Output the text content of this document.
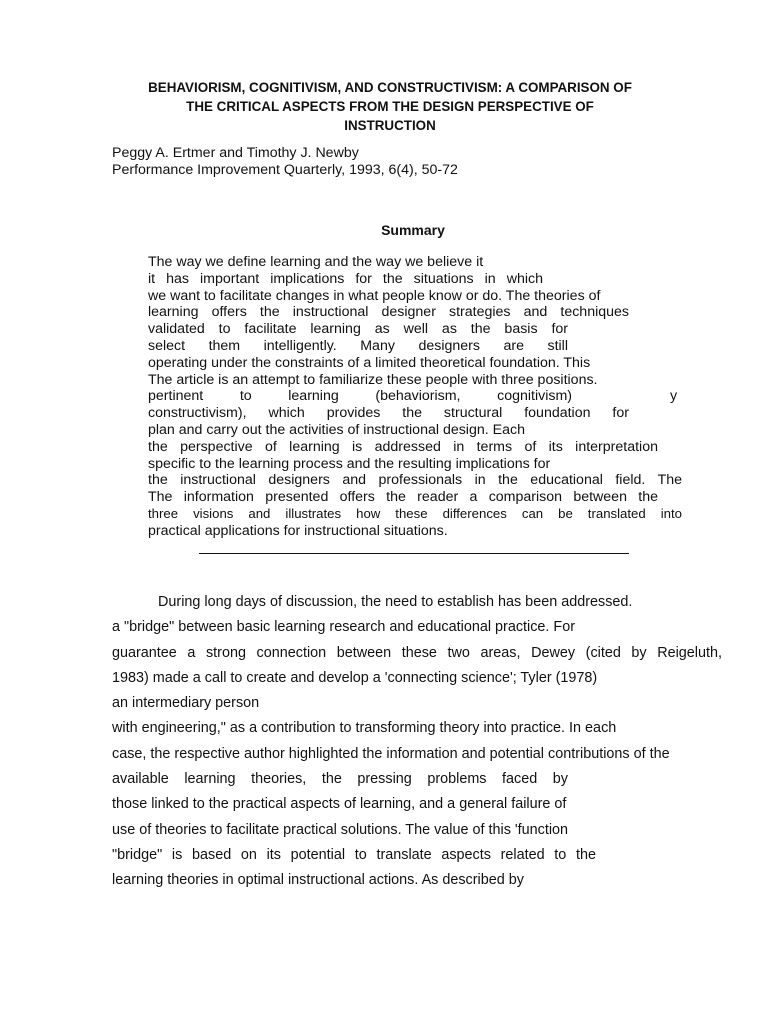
BEHAVIORISM, COGNITIVISM, AND CONSTRUCTIVISM: A COMPARISON OF
THE CRITICAL ASPECTS FROM THE DESIGN PERSPECTIVE OF
INSTRUCTION
Peggy A. Ertmer and Timothy J. Newby
Performance Improvement Quarterly, 1993, 6(4), 50-72
Summary
The way we define learning and the way we believe it
it has important implications for the situations in which
we want to facilitate changes in what people know or do. The theories of
learning offers the instructional designer strategies and techniques
validated to facilitate learning as well as the basis for
select them intelligently. Many designers are still
operating under the constraints of a limited theoretical foundation. This
The article is an attempt to familiarize these people with three positions.
pertinent to learning (behaviorism, cognitivism)	y
constructivism), which provides the structural foundation for
plan and carry out the activities of instructional design. Each
the perspective of learning is addressed in terms of its interpretation
specific to the learning process and the resulting implications for
the instructional designers and professionals in the educational field. The
The information presented offers the reader a comparison between the
three visions and illustrates how these differences can be translated into
practical applications for instructional situations.
During long days of discussion, the need to establish has been addressed.
a "bridge" between basic learning research and educational practice. For
guarantee a strong connection between these two areas, Dewey (cited by Reigeluth,
1983) made a call to create and develop a 'connecting science'; Tyler (1978)
an intermediary person
with engineering," as a contribution to transforming theory into practice. In each
case, the respective author highlighted the information and potential contributions of the
available learning theories, the pressing problems faced by
those linked to the practical aspects of learning, and a general failure of
use of theories to facilitate practical solutions. The value of this 'function
"bridge" is based on its potential to translate aspects related to the
learning theories in optimal instructional actions. As described by
